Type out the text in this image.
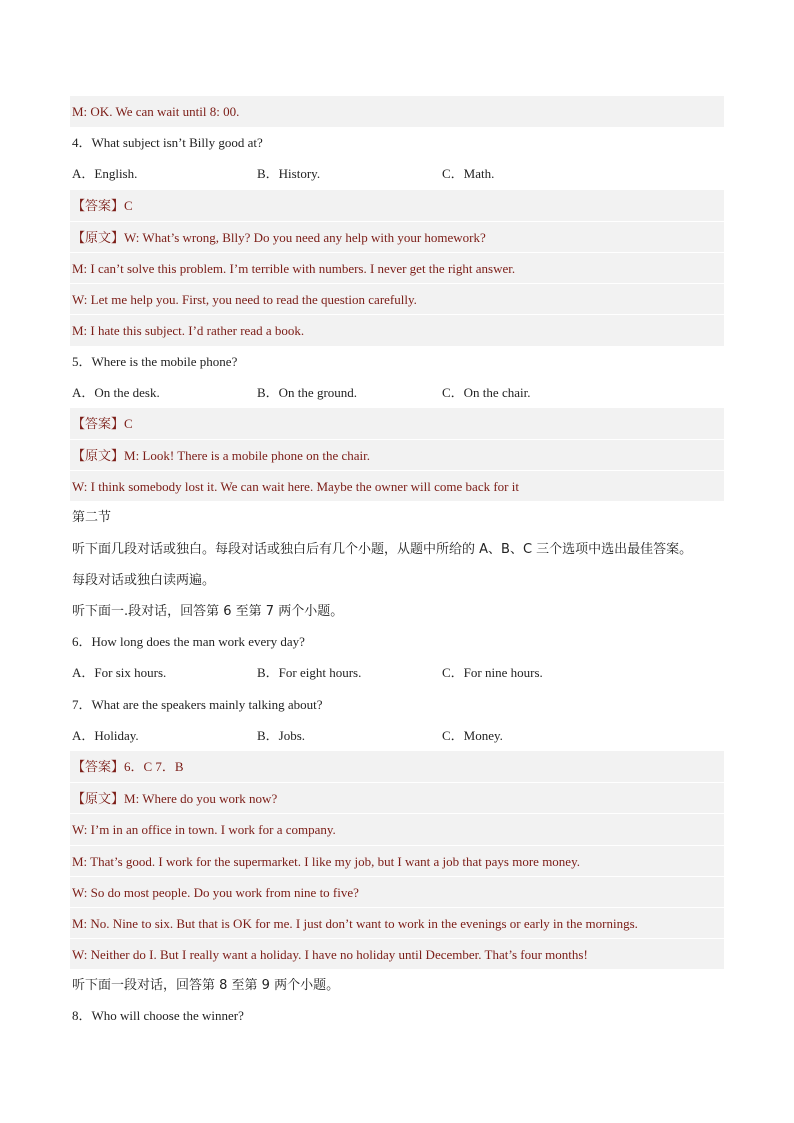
M: OK. We can wait until 8: 00.
4．What subject isn’t Billy good at?
A．English.	B．History.	C．Math.
【答案】C
【原文】W: What’s wrong, Blly? Do you need any help with your homework?
M: I can’t solve this problem. I’m terrible with numbers. I never get the right answer.
W: Let me help you. First, you need to read the question carefully.
M: I hate this subject. I’d rather read a book.
5．Where is the mobile phone?
A．On the desk.	B．On the ground.	C．On the chair.
【答案】C
【原文】M: Look! There is a mobile phone on the chair.
W: I think somebody lost it. We can wait here. Maybe the owner will come back for it
第二节
听下面几段对话或独白。每段对话或独白后有几个小题，从题中所给的 A、B、C 三个选项中选出最佳答案。
每段对话或独白读两遍。
听下面一.段对话，回答第 6 至第 7 两个小题。
6．How long does the man work every day?
A．For six hours.	B．For eight hours.	C．For nine hours.
7．What are the speakers mainly talking about?
A．Holiday.	B．Jobs.	C．Money.
【答案】6．C 7．B
【原文】M: Where do you work now?
W: I’m in an office in town. I work for a company.
M: That’s good. I work for the supermarket. I like my job, but I want a job that pays more money.
W: So do most people. Do you work from nine to five?
M: No. Nine to six. But that is OK for me. I just don’t want to work in the evenings or early in the mornings.
W: Neither do I. But I really want a holiday. I have no holiday until December. That’s four months!
听下面一段对话，回答第 8 至第 9 两个小题。
8．Who will choose the winner?
